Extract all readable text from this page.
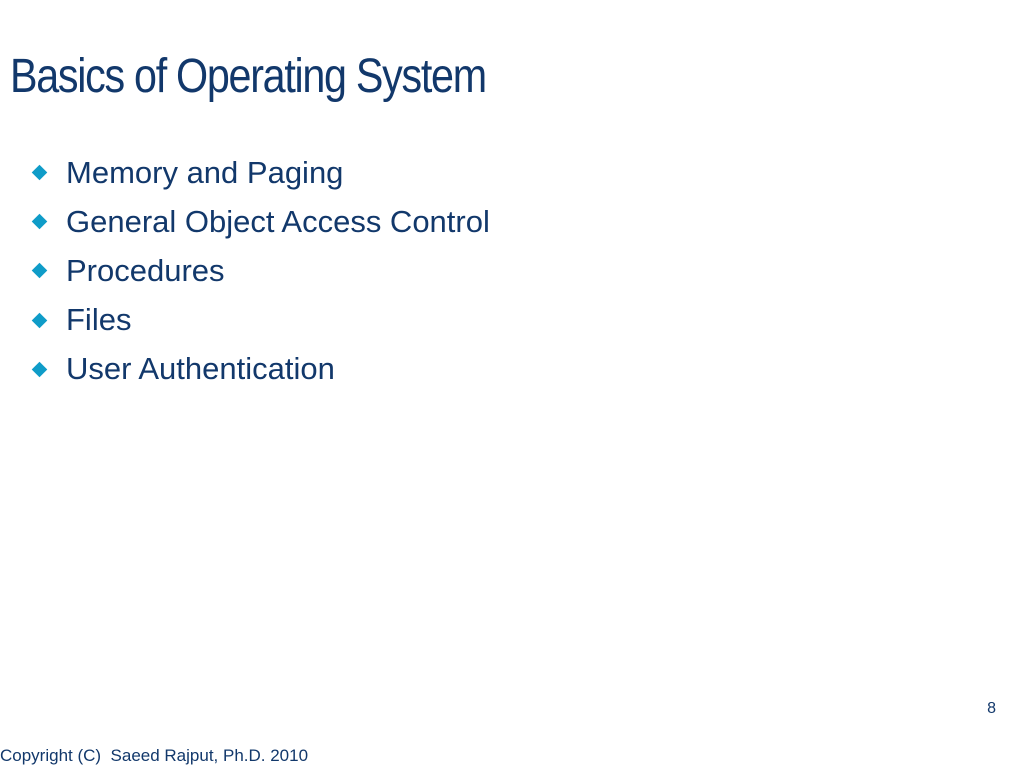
Basics of Operating System
Memory and Paging
General Object Access Control
Procedures
Files
User Authentication
8
Copyright (C)  Saeed Rajput, Ph.D. 2010
